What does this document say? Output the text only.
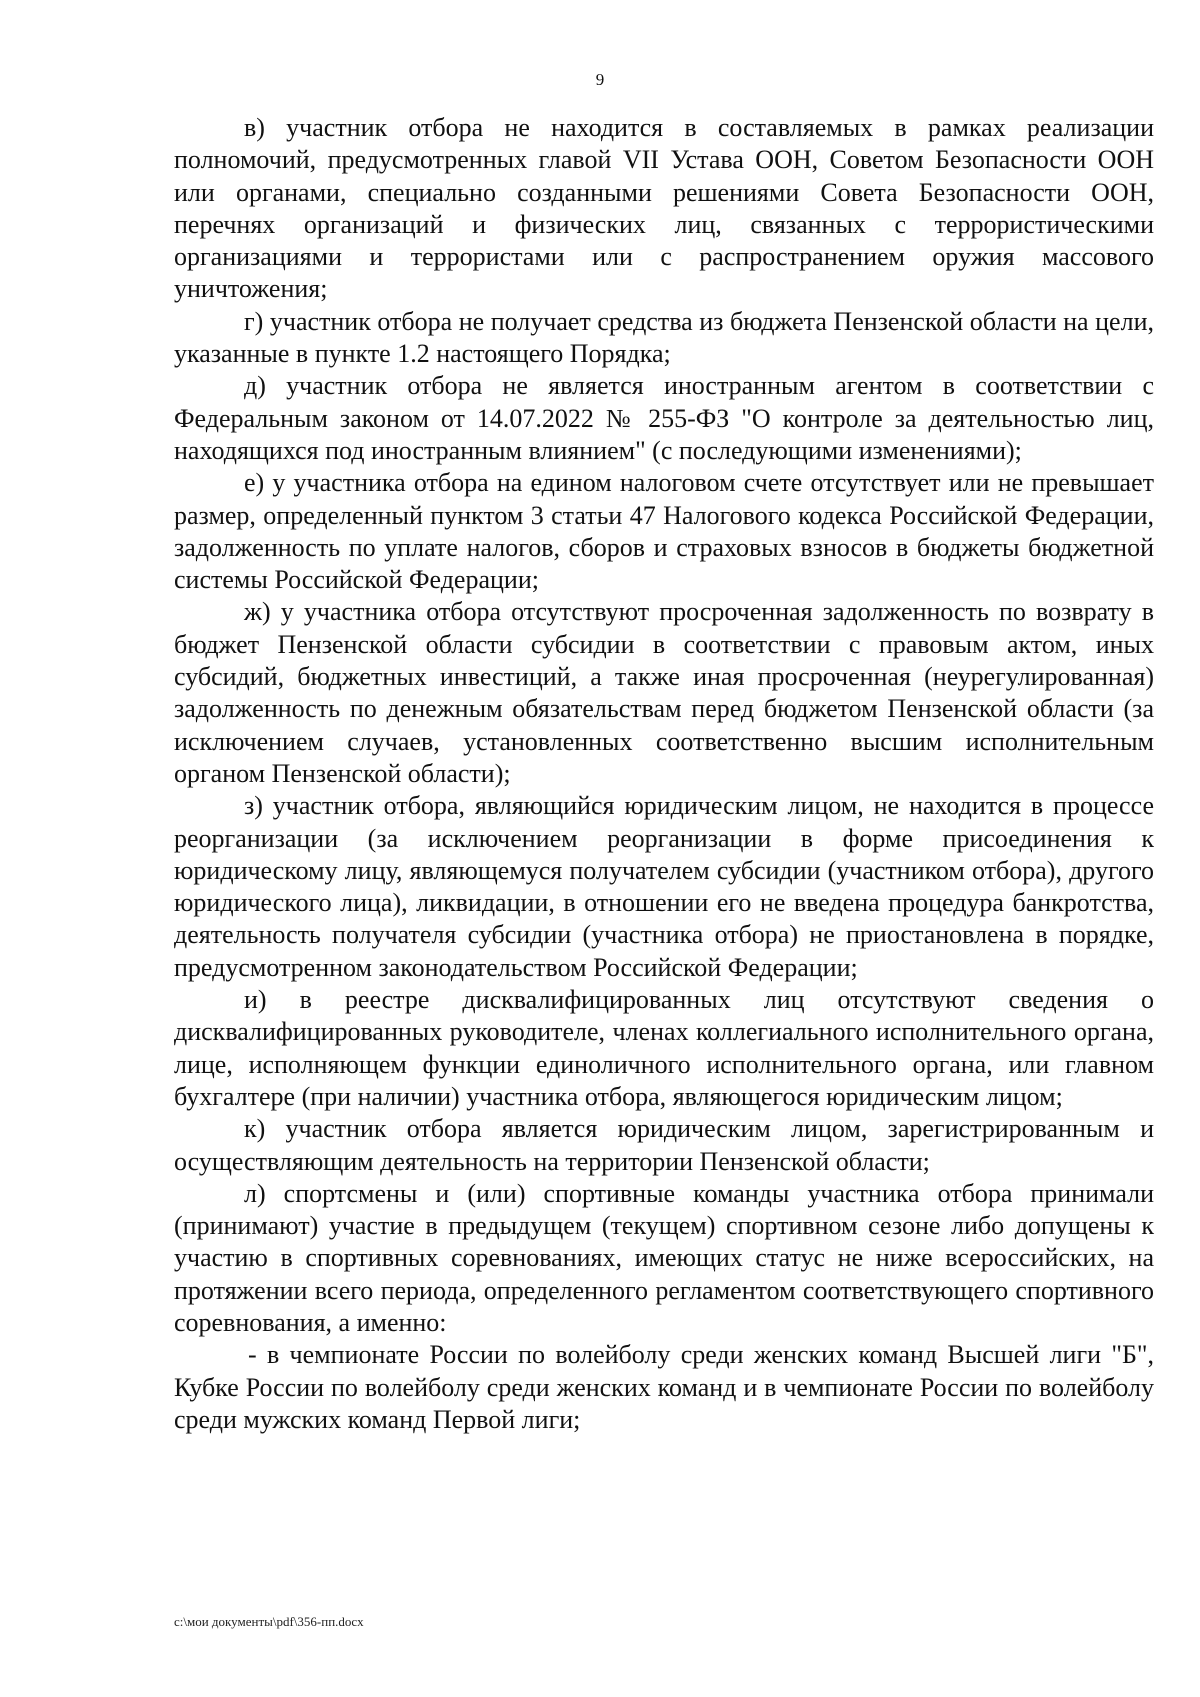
9

в) участник отбора не находится в составляемых в рамках реализации полномочий, предусмотренных главой VII Устава ООН, Советом Безопасности ООН или органами, специально созданными решениями Совета Безопасности ООН, перечнях организаций и физических лиц, связанных с террористическими организациями и террористами или с распространением оружия массового уничтожения;

г) участник отбора не получает средства из бюджета Пензенской области на цели, указанные в пункте 1.2 настоящего Порядка;

д) участник отбора не является иностранным агентом в соответствии с Федеральным законом от 14.07.2022 № 255-ФЗ "О контроле за деятельностью лиц, находящихся под иностранным влиянием" (с последующими изменениями);

е) у участника отбора на едином налоговом счете отсутствует или не превышает размер, определенный пунктом 3 статьи 47 Налогового кодекса Российской Федерации, задолженность по уплате налогов, сборов и страховых взносов в бюджеты бюджетной системы Российской Федерации;

ж) у участника отбора отсутствуют просроченная задолженность по возврату в бюджет Пензенской области субсидии в соответствии с правовым актом, иных субсидий, бюджетных инвестиций, а также иная просроченная (неурегулированная) задолженность по денежным обязательствам перед бюджетом Пензенской области (за исключением случаев, установленных соответственно высшим исполнительным органом Пензенской области);

з) участник отбора, являющийся юридическим лицом, не находится в процессе реорганизации (за исключением реорганизации в форме присоединения к юридическому лицу, являющемуся получателем субсидии (участником отбора), другого юридического лица), ликвидации, в отношении его не введена процедура банкротства, деятельность получателя субсидии (участника отбора) не приостановлена в порядке, предусмотренном законодательством Российской Федерации;

и) в реестре дисквалифицированных лиц отсутствуют сведения о дисквалифицированных руководителе, членах коллегиального исполнительного органа, лице, исполняющем функции единоличного исполнительного органа, или главном бухгалтере (при наличии) участника отбора, являющегося юридическим лицом;

к) участник отбора является юридическим лицом, зарегистрированным и осуществляющим деятельность на территории Пензенской области;

л) спортсмены и (или) спортивные команды участника отбора принимали (принимают) участие в предыдущем (текущем) спортивном сезоне либо допущены к участию в спортивных соревнованиях, имеющих статус не ниже всероссийских, на протяжении всего периода, определенного регламентом соответствующего спортивного соревнования, а именно:

- в чемпионате России по волейболу среди женских команд Высшей лиги "Б", Кубке России по волейболу среди женских команд и в чемпионате России по волейболу среди мужских команд Первой лиги;

c:\мои документы\pdf\356-пп.docx
